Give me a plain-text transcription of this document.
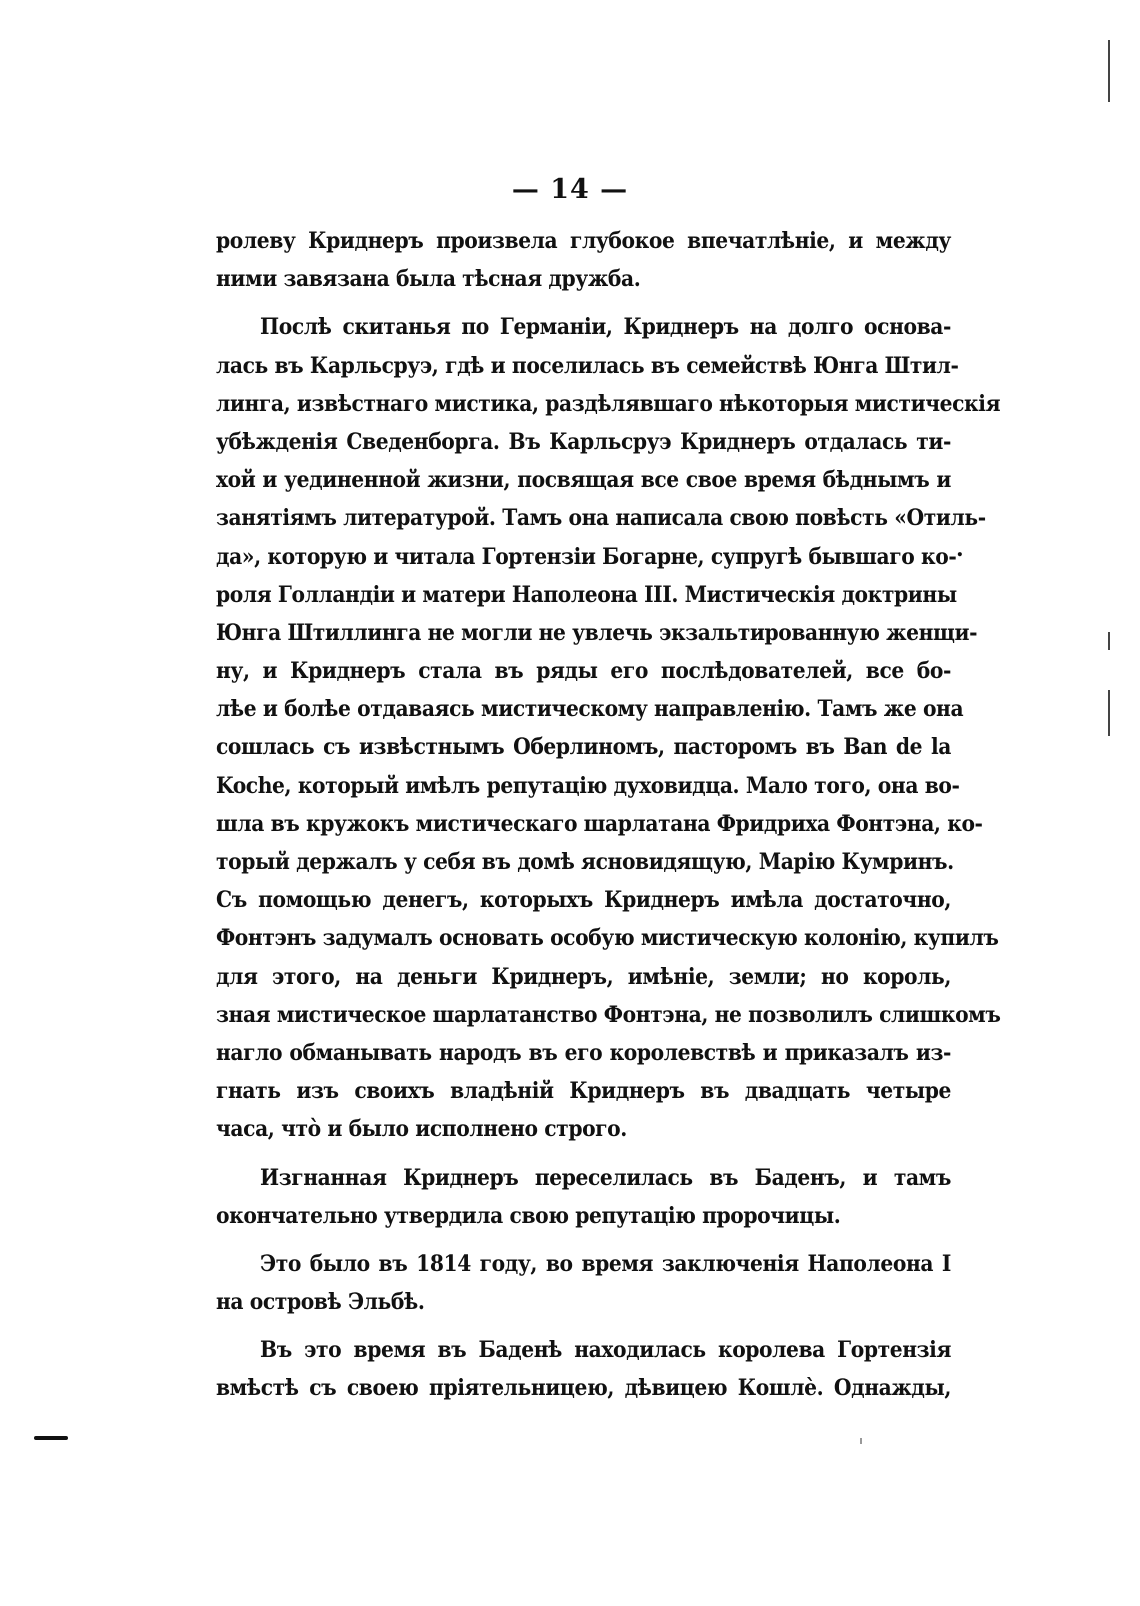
— 14 —
ролеву Криднеръ произвела глубокое впечатлѣніе, и между
ними завязана была тѣсная дружба.
Послѣ скитанья по Германіи, Криднеръ на долго основа-
лась въ Карльсруэ, гдѣ и поселилась въ семействѣ Юнга Штил-
линга, извѣстнаго мистика, раздѣлявшаго нѣкоторыя мистическія
убѣжденія Сведенборга. Въ Карльсруэ Криднеръ отдалась ти-
хой и уединенной жизни, посвящая все свое время бѣднымъ и
занятіямъ литературой. Тамъ она написала свою повѣсть «Отиль-
да», которую и читала Гортензіи Богарне, супругѣ бывшаго ко-
роля Голландіи и матери Наполеона III. Мистическія доктрины
Юнга Штиллинга не могли не увлечь экзальтированную женщи-
ну, и Криднеръ стала въ ряды его послѣдователей, все бо-
лѣе и болѣе отдаваясь мистическому направленію. Тамъ же она
сошлась съ извѣстнымъ Оберлиномъ, пасторомъ въ Ban de la
Koche, который имѣлъ репутацію духовидца. Мало того, она во-
шла въ кружокъ мистическаго шарлатана Фридриха Фонтэна, ко-
торый держалъ у себя въ домѣ ясновидящую, Марію Кумринъ.
Съ помощью денегъ, которыхъ Криднеръ имѣла достаточно,
Фонтэнъ задумалъ основать особую мистическую колонію, купилъ
для этого, на деньги Криднеръ, имѣніе, земли; но король,
зная мистическое шарлатанство Фонтэна, не позволилъ слишкомъ
нагло обманывать народъ въ его королевствѣ и приказалъ из-
гнать изъ своихъ владѣній Криднеръ въ двадцать четыре
часа, что̀ и было исполнено строго.
Изгнанная Криднеръ переселилась въ Баденъ, и тамъ
окончательно утвердила свою репутацію пророчицы.
Это было въ 1814 году, во время заключенія Наполеона I
на островѣ Эльбѣ.
Въ это время въ Баденѣ находилась королева Гортензія
вмѣстѣ съ своею пріятельницею, дѣвицею Кошлѐ. Однажды,
.
